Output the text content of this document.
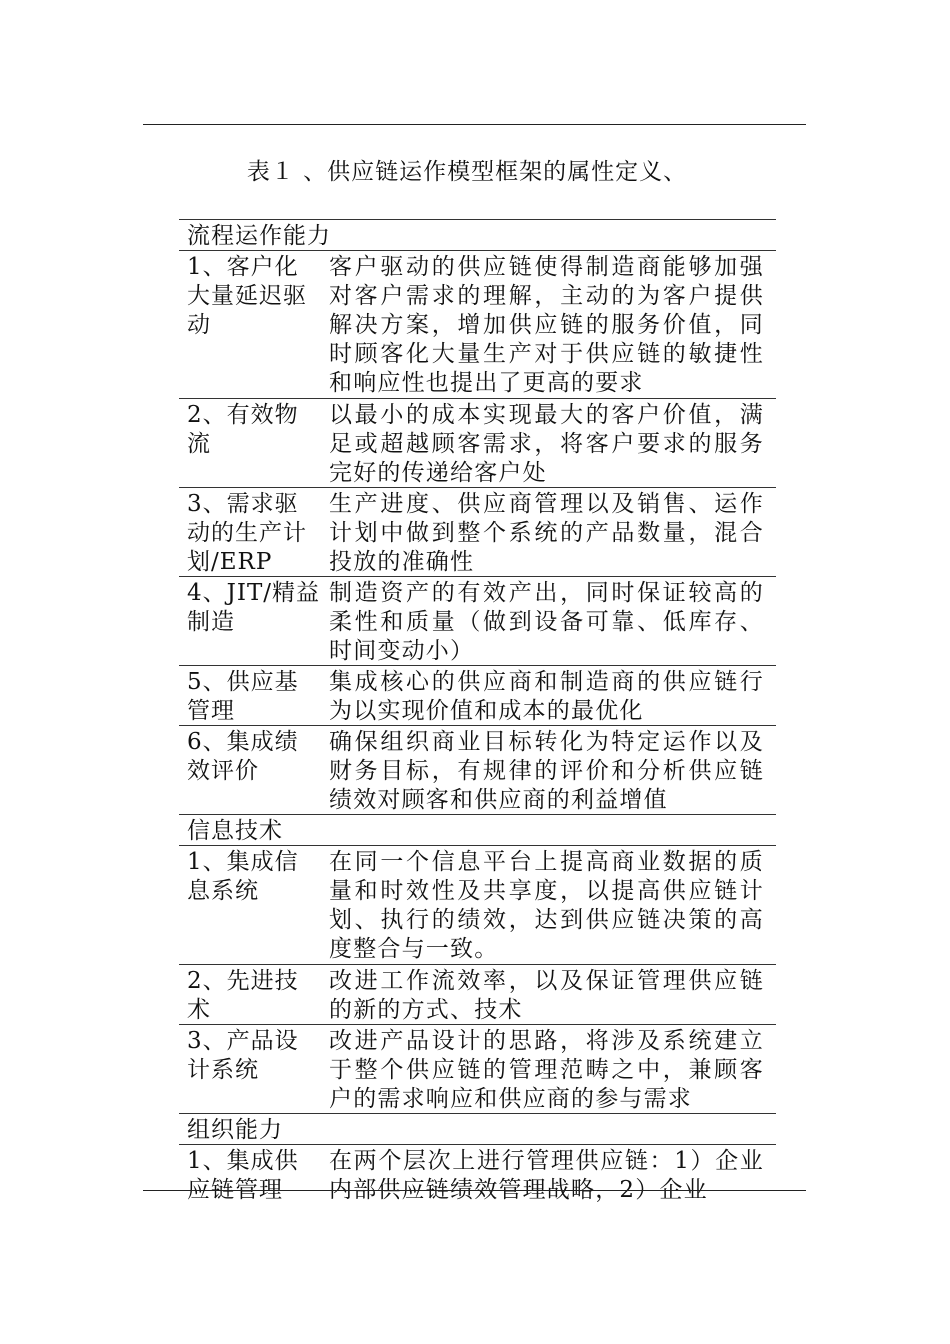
表１ 、供应链运作模型框架的属性定义、
流程运作能力
1、客户化大量延迟驱动
客户驱动的供应链使得制造商能够加强对客户需求的理解，主动的为客户提供解决方案，增加供应链的服务价值，同时顾客化大量生产对于供应链的敏捷性和响应性也提出了更高的要求
2、有效物流
以最小的成本实现最大的客户价值，满足或超越顾客需求，将客户要求的服务完好的传递给客户处
3、需求驱动的生产计划/ERP
生产进度、供应商管理以及销售、运作计划中做到整个系统的产品数量，混合投放的准确性
4、JIT/精益制造
制造资产的有效产出，同时保证较高的柔性和质量（做到设备可靠、低库存、时间变动小）
5、供应基管理
集成核心的供应商和制造商的供应链行为以实现价值和成本的最优化
6、集成绩效评价
确保组织商业目标转化为特定运作以及财务目标，有规律的评价和分析供应链绩效对顾客和供应商的利益增值
信息技术
1、集成信息系统
在同一个信息平台上提高商业数据的质量和时效性及共享度，以提高供应链计划、执行的绩效，达到供应链决策的高度整合与一致。
2、先进技术
改进工作流效率，以及保证管理供应链的新的方式、技术
3、产品设计系统
改进产品设计的思路，将涉及系统建立于整个供应链的管理范畴之中，兼顾客户的需求响应和供应商的参与需求
组织能力
1、集成供应链管理
在两个层次上进行管理供应链：1）企业内部供应链绩效管理战略，2）企业
